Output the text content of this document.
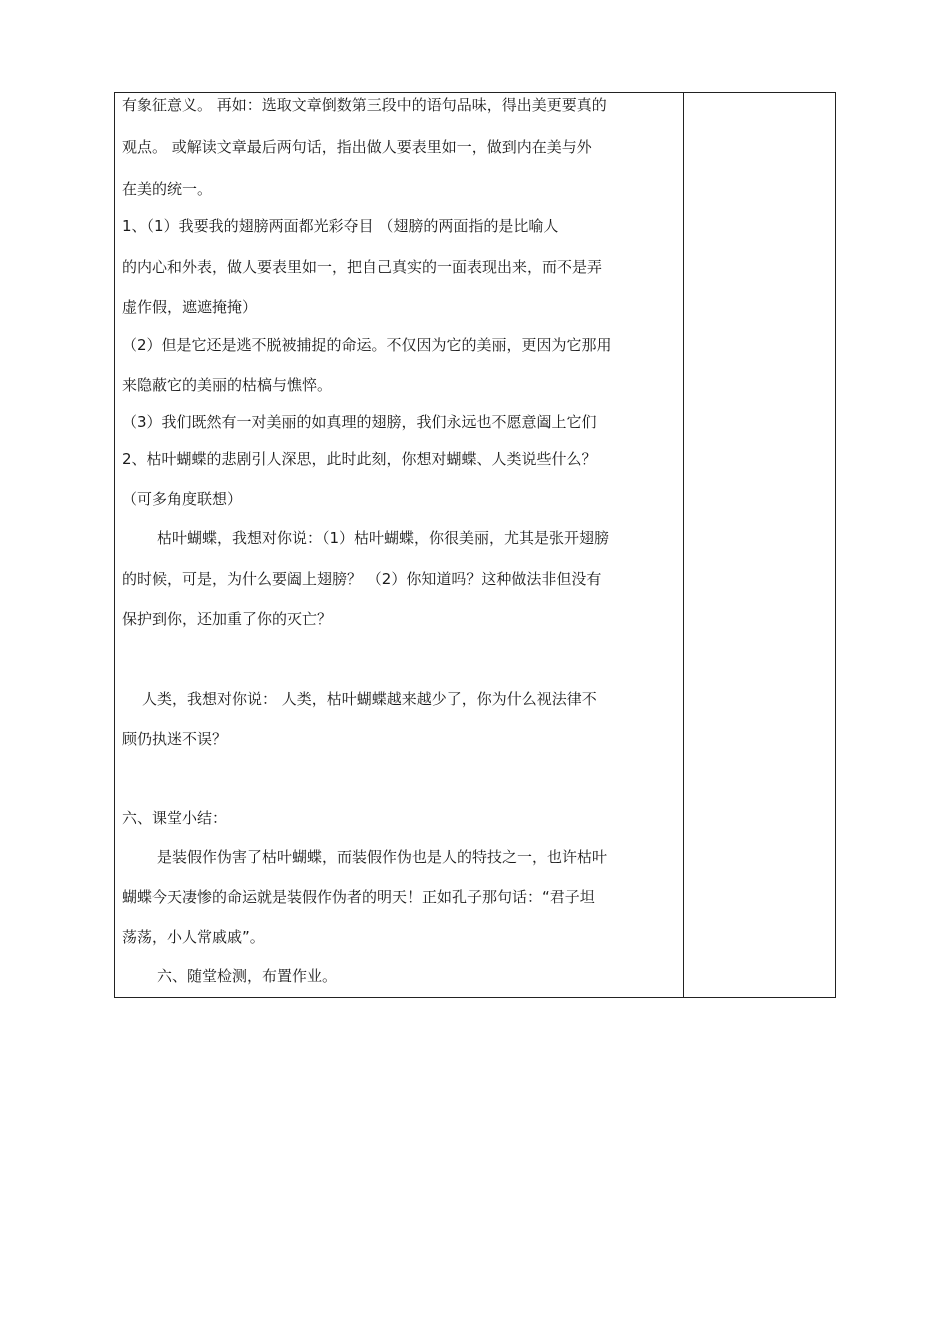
有象征意义。 再如：选取文章倒数第三段中的语句品味，得出美更要真的
观点。 或解读文章最后两句话，指出做人要表里如一，做到内在美与外
在美的统一。
1、（1）我要我的翅膀两面都光彩夺目 （翅膀的两面指的是比喻人
的内心和外表，做人要表里如一，把自己真实的一面表现出来，而不是弄
虚作假，遮遮掩掩）
（2）但是它还是逃不脱被捕捉的命运。不仅因为它的美丽，更因为它那用
来隐蔽它的美丽的枯槁与憔悴。
（3）我们既然有一对美丽的如真理的翅膀，我们永远也不愿意阖上它们
2、枯叶蝴蝶的悲剧引人深思，此时此刻，你想对蝴蝶、人类说些什么？
（可多角度联想）
枯叶蝴蝶，我想对你说：（1）枯叶蝴蝶，你很美丽，尤其是张开翅膀
的时候，可是，为什么要阖上翅膀？ （2）你知道吗？这种做法非但没有
保护到你，还加重了你的灭亡？
人类，我想对你说： 人类，枯叶蝴蝶越来越少了，你为什么视法律不
顾仍执迷不误？
六、课堂小结：
是装假作伪害了枯叶蝴蝶，而装假作伪也是人的特技之一，也许枯叶
蝴蝶今天凄惨的命运就是装假作伪者的明天！正如孔子那句话：“君子坦
荡荡，小人常戚戚”。
六、随堂检测，布置作业。
